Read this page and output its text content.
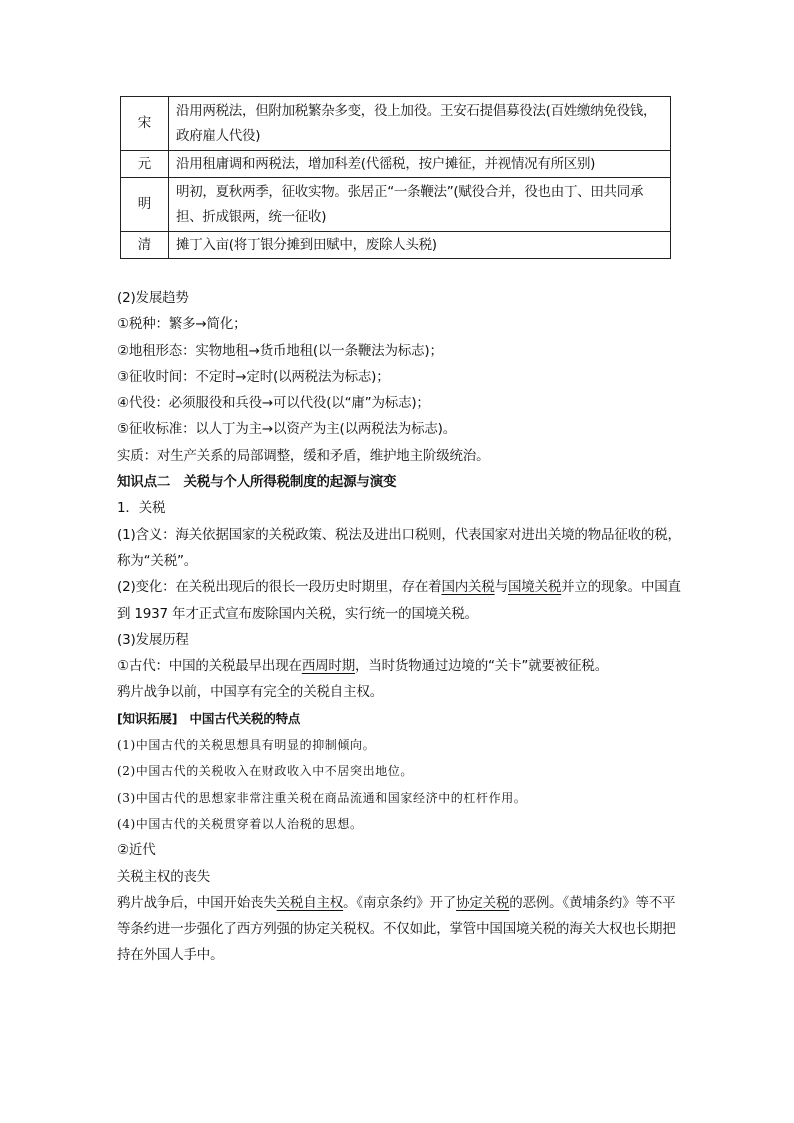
宋	沿用两税法，但附加税繁杂多变，役上加役。王安石提倡募役法(百姓缴纳免役钱，政府雇人代役)
元	沿用租庸调和两税法，增加科差(代徭税，按户摊征，并视情况有所区别)
明	明初，夏秋两季，征收实物。张居正“一条鞭法”(赋役合并，役也由丁、田共同承担、折成银两，统一征收)
清	摊丁入亩(将丁银分摊到田赋中，废除人头税)
(2)发展趋势
①税种：繁多→简化；
②地租形态：实物地租→货币地租(以一条鞭法为标志)；
③征收时间：不定时→定时(以两税法为标志)；
④代役：必须服役和兵役→可以代役(以“庸”为标志)；
⑤征收标准：以人丁为主→以资产为主(以两税法为标志)。
实质：对生产关系的局部调整，缓和矛盾，维护地主阶级统治。
知识点二　关税与个人所得税制度的起源与演变
1．关税
(1)含义：海关依据国家的关税政策、税法及进出口税则，代表国家对进出关境的物品征收的税，称为“关税”。
(2)变化：在关税出现后的很长一段历史时期里，存在着国内关税与国境关税并立的现象。中国直到 1937 年才正式宣布废除国内关税，实行统一的国境关税。
(3)发展历程
①古代：中国的关税最早出现在西周时期，当时货物通过边境的“关卡”就要被征税。
鸦片战争以前，中国享有完全的关税自主权。
[知识拓展]　中国古代关税的特点
(1)中国古代的关税思想具有明显的抑制倾向。
(2)中国古代的关税收入在财政收入中不居突出地位。
(3)中国古代的思想家非常注重关税在商品流通和国家经济中的杠杆作用。
(4)中国古代的关税贯穿着以人治税的思想。
②近代
关税主权的丧失
鸦片战争后，中国开始丧失关税自主权。《南京条约》开了协定关税的恶例。《黄埔条约》等不平等条约进一步强化了西方列强的协定关税权。不仅如此，掌管中国国境关税的海关大权也长期把持在外国人手中。
